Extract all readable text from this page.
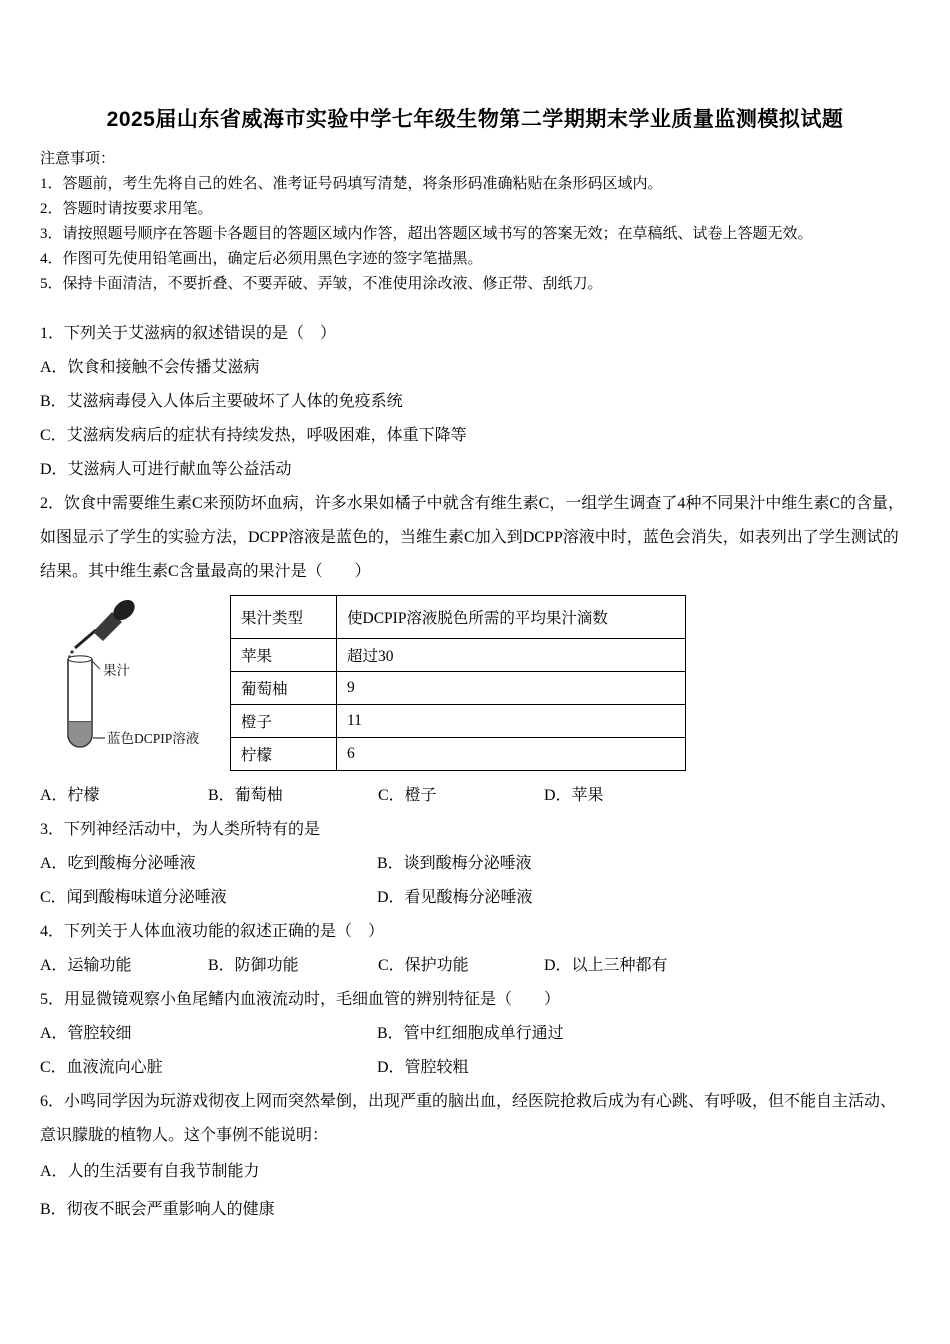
2025届山东省威海市实验中学七年级生物第二学期期末学业质量监测模拟试题
注意事项：
1．答题前，考生先将自己的姓名、准考证号码填写清楚，将条形码准确粘贴在条形码区域内。
2．答题时请按要求用笔。
3．请按照题号顺序在答题卡各题目的答题区域内作答，超出答题区域书写的答案无效；在草稿纸、试卷上答题无效。
4．作图可先使用铅笔画出，确定后必须用黑色字迹的签字笔描黑。
5．保持卡面清洁，不要折叠、不要弄破、弄皱，不准使用涂改液、修正带、刮纸刀。

1．下列关于艾滋病的叙述错误的是（　）

A．饮食和接触不会传播艾滋病

B．艾滋病毒侵入人体后主要破坏了人体的免疫系统

C．艾滋病发病后的症状有持续发热，呼吸困难，体重下降等

D．艾滋病人可进行献血等公益活动

2．饮食中需要维生素C来预防坏血病，许多水果如橘子中就含有维生素C，一组学生调查了4种不同果汁中维生素C的含量，如图显示了学生的实验方法，DCPP溶液是蓝色的，当维生素C加入到DCPP溶液中时，蓝色会消失，如表列出了学生测试的结果。其中维生素C含量最高的果汁是（　　）

果汁
蓝色DCPIP溶液
果汁类型	使DCPIP溶液脱色所需的平均果汁滴数
苹果	超过30
葡萄柚	9
橙子	11
柠檬	6

A．柠檬	B．葡萄柚	C．橙子	D．苹果

3．下列神经活动中，为人类所特有的是

A．吃到酸梅分泌唾液	B．谈到酸梅分泌唾液

C．闻到酸梅味道分泌唾液	D．看见酸梅分泌唾液

4．下列关于人体血液功能的叙述正确的是（　）

A．运输功能	B．防御功能	C．保护功能	D．以上三种都有

5．用显微镜观察小鱼尾鳍内血液流动时，毛细血管的辨别特征是（　　）

A．管腔较细	B．管中红细胞成单行通过

C．血液流向心脏	D．管腔较粗

6．小鸣同学因为玩游戏彻夜上网而突然晕倒，出现严重的脑出血，经医院抢救后成为有心跳、有呼吸，但不能自主活动、意识朦胧的植物人。这个事例不能说明：

A．人的生活要有自我节制能力

B．彻夜不眠会严重影响人的健康
